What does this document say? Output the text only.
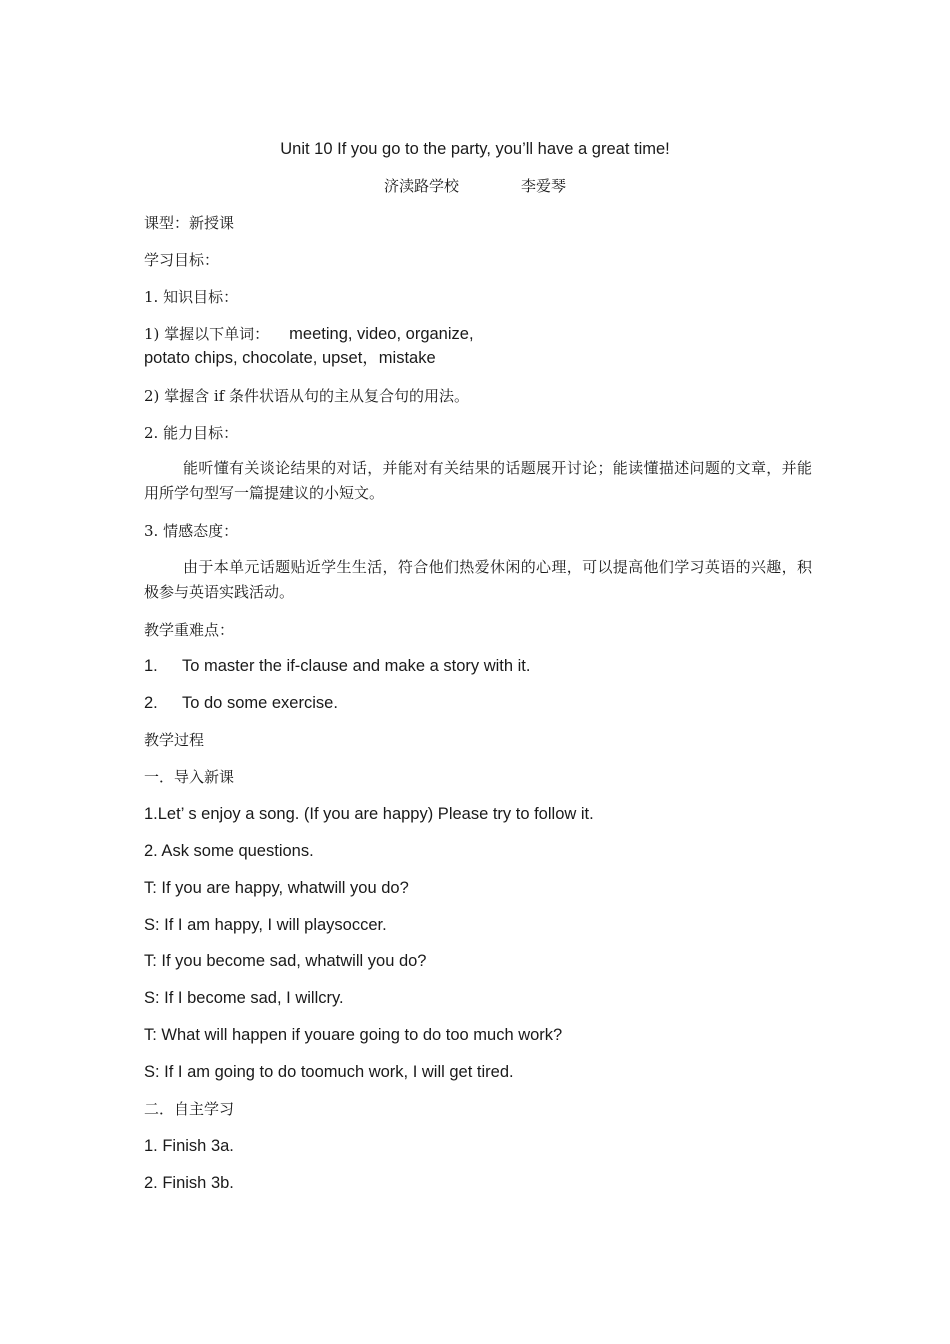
Unit 10 If you go to the party, you’ll have a great time!
济渎路学校	李爱琴
课型：新授课
学习目标：
1. 知识目标：
1) 掌握以下单词： meeting, video, organize,
potato chips, chocolate, upset，mistake
2) 掌握含 if 条件状语从句的主从复合句的用法。
2. 能力目标：
能听懂有关谈论结果的对话，并能对有关结果的话题展开讨论；能读懂描述问题的文章，并能用所学句型写一篇提建议的小短文。
3. 情感态度：
由于本单元话题贴近学生生活，符合他们热爱休闲的心理，可以提高他们学习英语的兴趣，积极参与英语实践活动。
教学重难点：
1. To master the if-clause and make a story with it.
2. To do some exercise.
教学过程
一．导入新课
1.Let’ s enjoy a song. (If you are happy) Please try to follow it.
2. Ask some questions.
T: If you are happy, whatwill you do?
S: If I am happy, I will playsoccer.
T: If you become sad, whatwill you do?
S: If I become sad, I willcry.
T: What will happen if youare going to do too much work?
S: If I am going to do toomuch work, I will get tired.
二．自主学习
1. Finish 3a.
2. Finish 3b.
